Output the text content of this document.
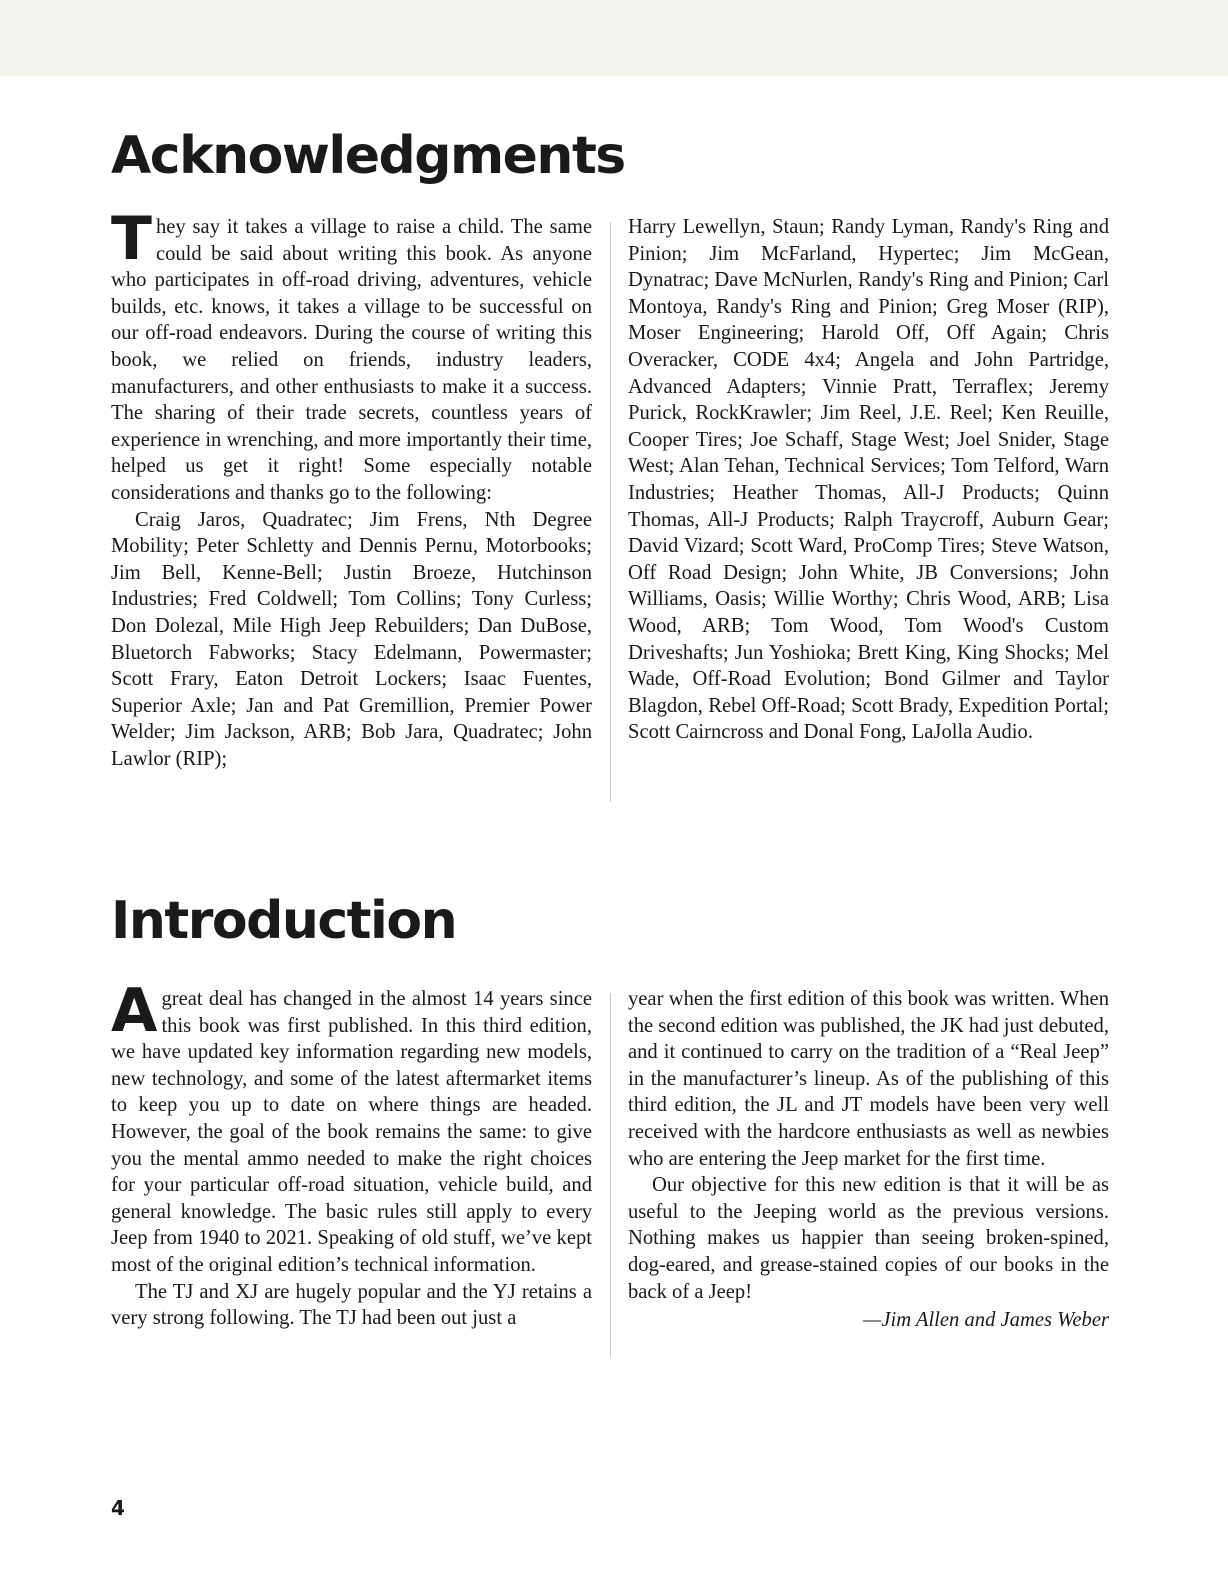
Acknowledgments

They say it takes a village to raise a child. The same could be said about writing this book. As anyone who participates in off-road driving, adventures, vehicle builds, etc. knows, it takes a village to be successful on our off-road endeavors. During the course of writing this book, we relied on friends, industry leaders, manufacturers, and other enthusiasts to make it a success. The sharing of their trade secrets, countless years of experience in wrenching, and more importantly their time, helped us get it right! Some especially notable considerations and thanks go to the following:

Craig Jaros, Quadratec; Jim Frens, Nth Degree Mobility; Peter Schletty and Dennis Pernu, Motorbooks; Jim Bell, Kenne-Bell; Justin Broeze, Hutchinson Industries; Fred Coldwell; Tom Collins; Tony Curless; Don Dolezal, Mile High Jeep Rebuilders; Dan DuBose, Bluetorch Fabworks; Stacy Edelmann, Powermaster; Scott Frary, Eaton Detroit Lockers; Isaac Fuentes, Superior Axle; Jan and Pat Gremillion, Premier Power Welder; Jim Jackson, ARB; Bob Jara, Quadratec; John Lawlor (RIP);

Harry Lewellyn, Staun; Randy Lyman, Randy's Ring and Pinion; Jim McFarland, Hypertec; Jim McGean, Dynatrac; Dave McNurlen, Randy's Ring and Pinion; Carl Montoya, Randy's Ring and Pinion; Greg Moser (RIP), Moser Engineering; Harold Off, Off Again; Chris Overacker, CODE 4x4; Angela and John Partridge, Advanced Adapters; Vinnie Pratt, Terraflex; Jeremy Purick, RockKrawler; Jim Reel, J.E. Reel; Ken Reuille, Cooper Tires; Joe Schaff, Stage West; Joel Snider, Stage West; Alan Tehan, Technical Services; Tom Telford, Warn Industries; Heather Thomas, All-J Products; Quinn Thomas, All-J Products; Ralph Traycroff, Auburn Gear; David Vizard; Scott Ward, ProComp Tires; Steve Watson, Off Road Design; John White, JB Conversions; John Williams, Oasis; Willie Worthy; Chris Wood, ARB; Lisa Wood, ARB; Tom Wood, Tom Wood's Custom Driveshafts; Jun Yoshioka; Brett King, King Shocks; Mel Wade, Off-Road Evolution; Bond Gilmer and Taylor Blagdon, Rebel Off-Road; Scott Brady, Expedition Portal; Scott Cairncross and Donal Fong, LaJolla Audio.

Introduction

Agreat deal has changed in the almost 14 years since this book was first published. In this third edition, we have updated key information regarding new models, new technology, and some of the latest aftermarket items to keep you up to date on where things are headed. However, the goal of the book remains the same: to give you the mental ammo needed to make the right choices for your particular off-road situation, vehicle build, and general knowledge. The basic rules still apply to every Jeep from 1940 to 2021. Speaking of old stuff, we’ve kept most of the original edition’s technical information.

The TJ and XJ are hugely popular and the YJ retains a very strong following. The TJ had been out just a

year when the first edition of this book was written. When the second edition was published, the JK had just debuted, and it continued to carry on the tradition of a “Real Jeep” in the manufacturer’s lineup. As of the publishing of this third edition, the JL and JT models have been very well received with the hardcore enthusiasts as well as newbies who are entering the Jeep market for the first time.

Our objective for this new edition is that it will be as useful to the Jeeping world as the previous versions. Nothing makes us happier than seeing broken-spined, dog-eared, and grease-stained copies of our books in the back of a Jeep!

—Jim Allen and James Weber

4
